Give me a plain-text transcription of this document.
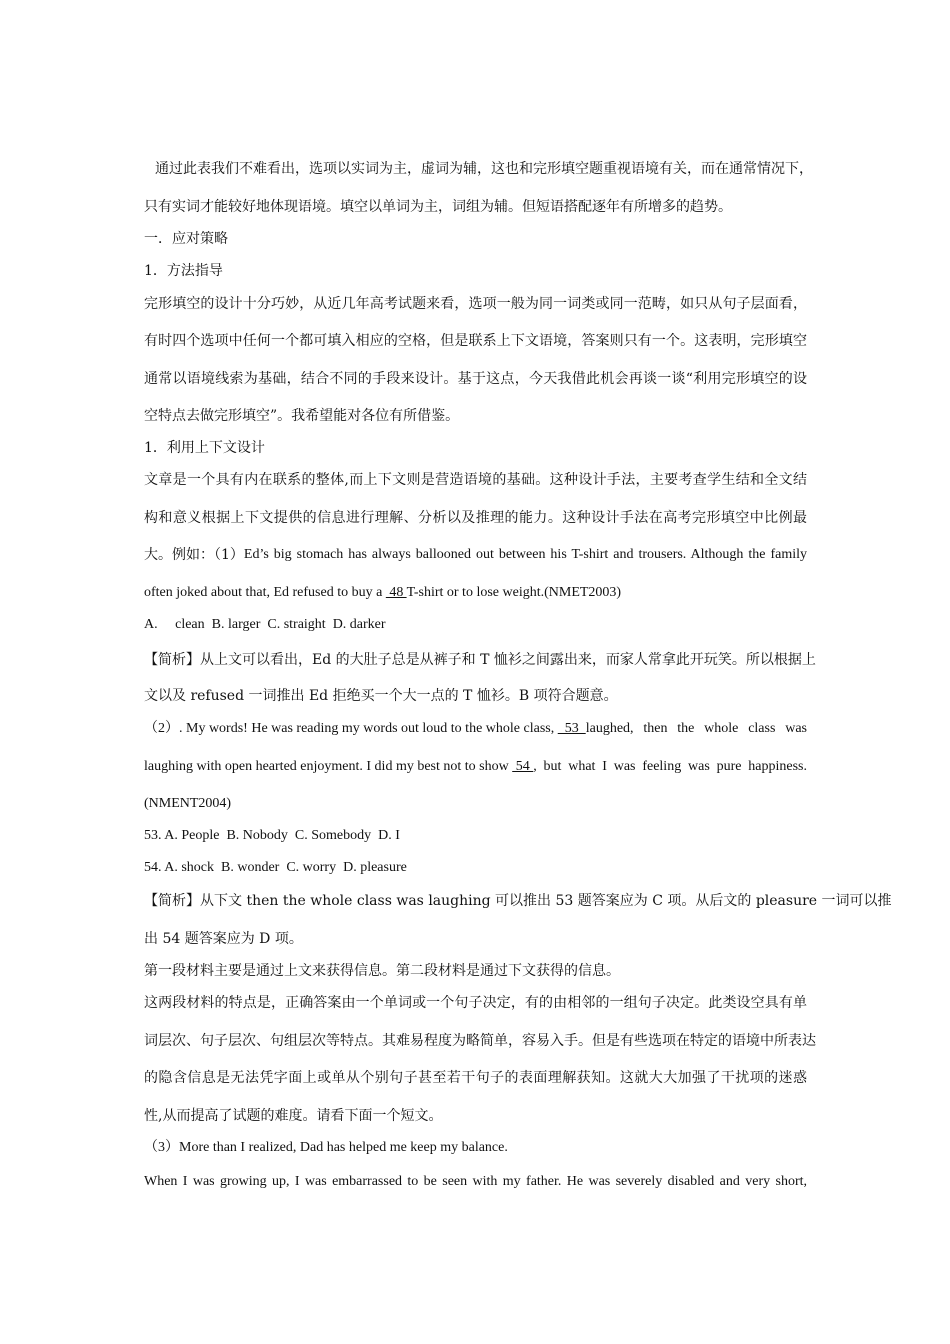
通过此表我们不难看出，选项以实词为主，虚词为辅，这也和完形填空题重视语境有关，而在通常情况下，
只有实词才能较好地体现语境。填空以单词为主，词组为辅。但短语搭配逐年有所增多的趋势。
一．应对策略
1．方法指导
完形填空的设计十分巧妙，从近几年高考试题来看，选项一般为同一词类或同一范畴，如只从句子层面看，
有时四个选项中任何一个都可填入相应的空格，但是联系上下文语境，答案则只有一个。这表明，完形填空
通常以语境线索为基础，结合不同的手段来设计。基于这点，今天我借此机会再谈一谈“利用完形填空的设
空特点去做完形填空”。我希望能对各位有所借鉴。
1．利用上下文设计
文章是一个具有内在联系的整体,而上下文则是营造语境的基础。这种设计手法，主要考查学生结和全文结
构和意义根据上下文提供的信息进行理解、分析以及推理的能力。这种设计手法在高考完形填空中比例最
大。例如：（1） Ed’s big stomach has always ballooned out between his T-shirt and trousers. Although the family
often joked about that, Ed refused to buy a  48 T-shirt or to lose weight.(NMET2003)
A.     clean  B. larger  C. straight  D. darker
【简析】从上文可以看出，Ed 的大肚子总是从裤子和 T 恤衫之间露出来，而家人常拿此开玩笑。所以根据上
文以及 refused 一词推出 Ed 拒绝买一个大一点的 T 恤衫。B 项符合题意。
（2）. My words! He was reading my words out loud to the whole class, 53 laughed, then the whole class was
laughing with open hearted enjoyment. I did my best not to show 54 , but what I was feeling was pure happiness.
(NMENT2004)
53. A. People  B. Nobody  C. Somebody  D. I
54. A. shock  B. wonder  C. worry  D. pleasure
【简析】从下文 then the whole class was laughing 可以推出 53 题答案应为 C 项。从后文的 pleasure 一词可以推
出 54 题答案应为 D 项。
第一段材料主要是通过上文来获得信息。第二段材料是通过下文获得的信息。
这两段材料的特点是，正确答案由一个单词或一个句子决定，有的由相邻的一组句子决定。此类设空具有单
词层次、句子层次、句组层次等特点。其难易程度为略简单，容易入手。但是有些选项在特定的语境中所表达
的隐含信息是无法凭字面上或单从个别句子甚至若干句子的表面理解获知。这就大大加强了干扰项的迷惑
性,从而提高了试题的难度。请看下面一个短文。
（3）More than I realized, Dad has helped me keep my balance.
When I was growing up, I was embarrassed to be seen with my father. He was severely disabled and very short,
